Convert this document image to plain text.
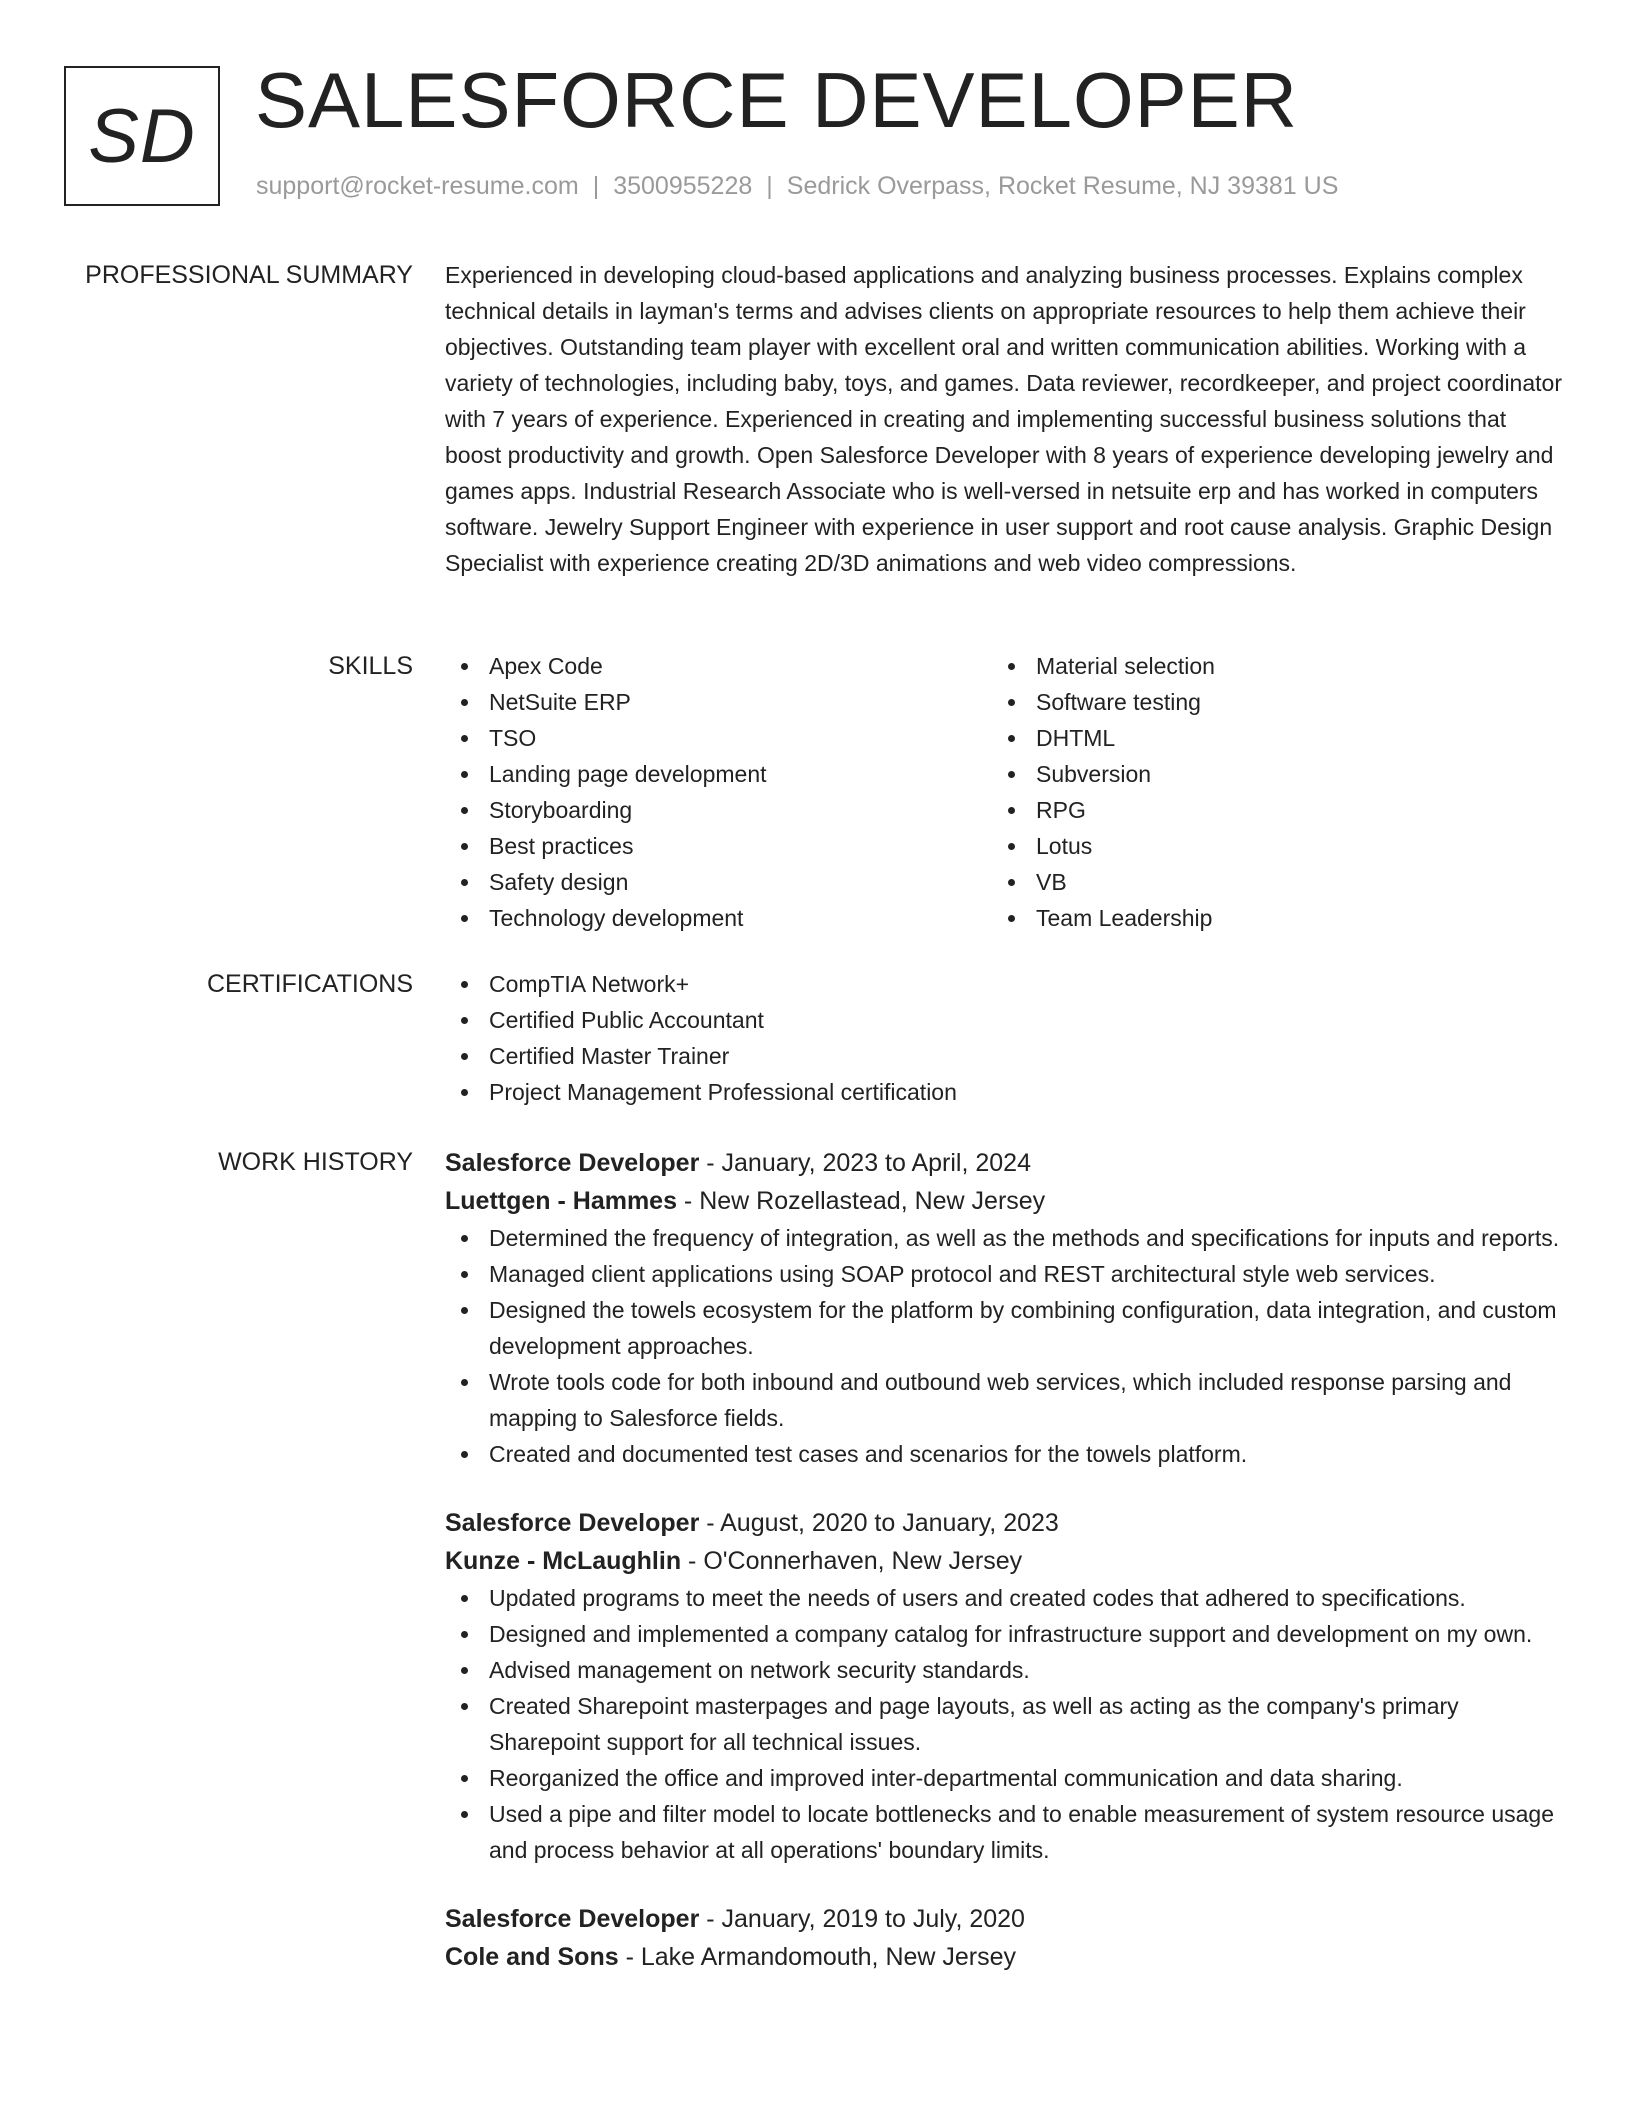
SD SALESFORCE DEVELOPER
support@rocket-resume.com | 3500955228 | Sedrick Overpass, Rocket Resume, NJ 39381 US
PROFESSIONAL SUMMARY Experienced in developing cloud-based applications and analyzing business processes. Explains complex technical details in layman's terms and advises clients on appropriate resources to help them achieve their objectives. Outstanding team player with excellent oral and written communication abilities. Working with a variety of technologies, including baby, toys, and games. Data reviewer, recordkeeper, and project coordinator with 7 years of experience. Experienced in creating and implementing successful business solutions that boost productivity and growth. Open Salesforce Developer with 8 years of experience developing jewelry and games apps. Industrial Research Associate who is well-versed in netsuite erp and has worked in computers software. Jewelry Support Engineer with experience in user support and root cause analysis. Graphic Design Specialist with experience creating 2D/3D animations and web video compressions.

SKILLS	Apex Code
NetSuite ERP
TSO
Landing page development
Storyboarding
Best practices
Safety design
Technology development
Material selection
Software testing
DHTML
Subversion
RPG
Lotus
VB
Team Leadership
CERTIFICATIONS	CompTIA Network+
Certified Public Accountant
Certified Master Trainer
Project Management Professional certification
WORK HISTORY Salesforce Developer - January, 2023 to April, 2024
Luettgen - Hammes - New Rozellastead, New Jersey
Determined the frequency of integration, as well as the methods and specifications for inputs and reports.
Managed client applications using SOAP protocol and REST architectural style web services.
Designed the towels ecosystem for the platform by combining configuration, data integration, and custom development approaches.
Wrote tools code for both inbound and outbound web services, which included response parsing and mapping to Salesforce fields.
Created and documented test cases and scenarios for the towels platform.
Salesforce Developer - August, 2020 to January, 2023
Kunze - McLaughlin - O'Connerhaven, New Jersey
Updated programs to meet the needs of users and created codes that adhered to specifications.
Designed and implemented a company catalog for infrastructure support and development on my own.
Advised management on network security standards.
Created Sharepoint masterpages and page layouts, as well as acting as the company's primary Sharepoint support for all technical issues.
Reorganized the office and improved inter-departmental communication and data sharing.
Used a pipe and filter model to locate bottlenecks and to enable measurement of system resource usage and process behavior at all operations' boundary limits.
Salesforce Developer - January, 2019 to July, 2020
Cole and Sons - Lake Armandomouth, New Jersey
